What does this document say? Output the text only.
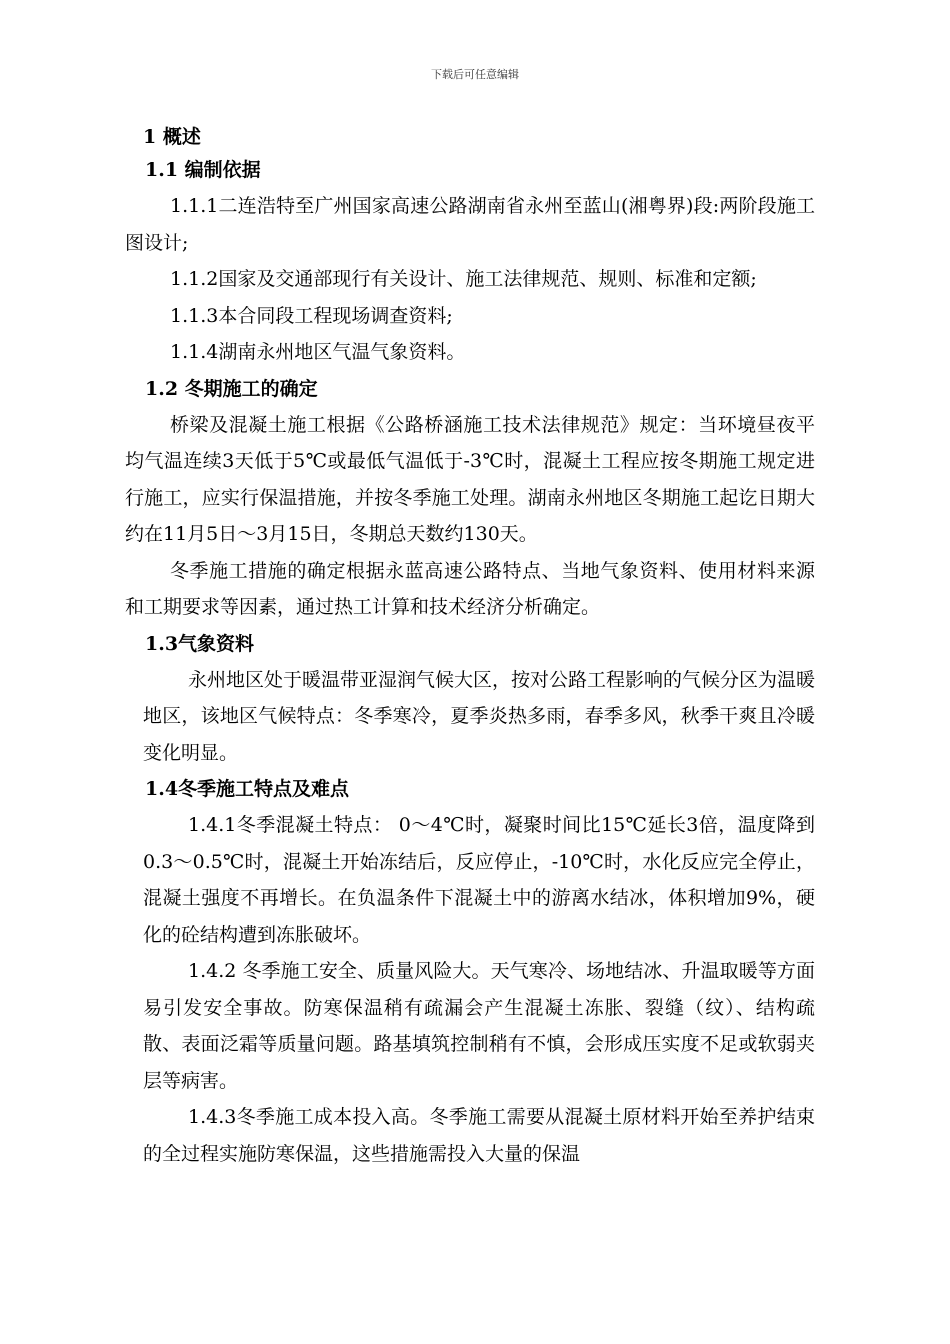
下载后可任意编辑
1 概述
1.1 编制依据

1.1.1二连浩特至广州国家高速公路湖南省永州至蓝山(湘粤界)段:两阶段施工图设计;

1.1.2国家及交通部现行有关设计、施工法律规范、规则、标准和定额;

1.1.3本合同段工程现场调查资料;

1.1.4湖南永州地区气温气象资料。

1.2 冬期施工的确定

桥梁及混凝土施工根据《公路桥涵施工技术法律规范》规定：当环境昼夜平均气温连续3天低于5℃或最低气温低于-3℃时，混凝土工程应按冬期施工规定进行施工，应实行保温措施，并按冬季施工处理。湖南永州地区冬期施工起讫日期大约在11月5日～3月15日，冬期总天数约130天。

冬季施工措施的确定根据永蓝高速公路特点、当地气象资料、使用材料来源和工期要求等因素，通过热工计算和技术经济分析确定。

1.3气象资料

永州地区处于暖温带亚湿润气候大区，按对公路工程影响的气候分区为温暖地区，该地区气候特点：冬季寒冷，夏季炎热多雨，春季多风，秋季干爽且冷暖变化明显。

1.4冬季施工特点及难点

1.4.1冬季混凝土特点： 0～4℃时，凝聚时间比15℃延长3倍，温度降到0.3～0.5℃时，混凝土开始冻结后，反应停止，-10℃时，水化反应完全停止，混凝土强度不再增长。在负温条件下混凝土中的游离水结冰，体积增加9%，硬化的砼结构遭到冻胀破坏。

1.4.2 冬季施工安全、质量风险大。天气寒冷、场地结冰、升温取暖等方面易引发安全事故。防寒保温稍有疏漏会产生混凝土冻胀、裂缝（纹）、结构疏散、表面泛霜等质量问题。路基填筑控制稍有不慎，会形成压实度不足或软弱夹层等病害。

1.4.3冬季施工成本投入高。冬季施工需要从混凝土原材料开始至养护结束的全过程实施防寒保温，这些措施需投入大量的保温
